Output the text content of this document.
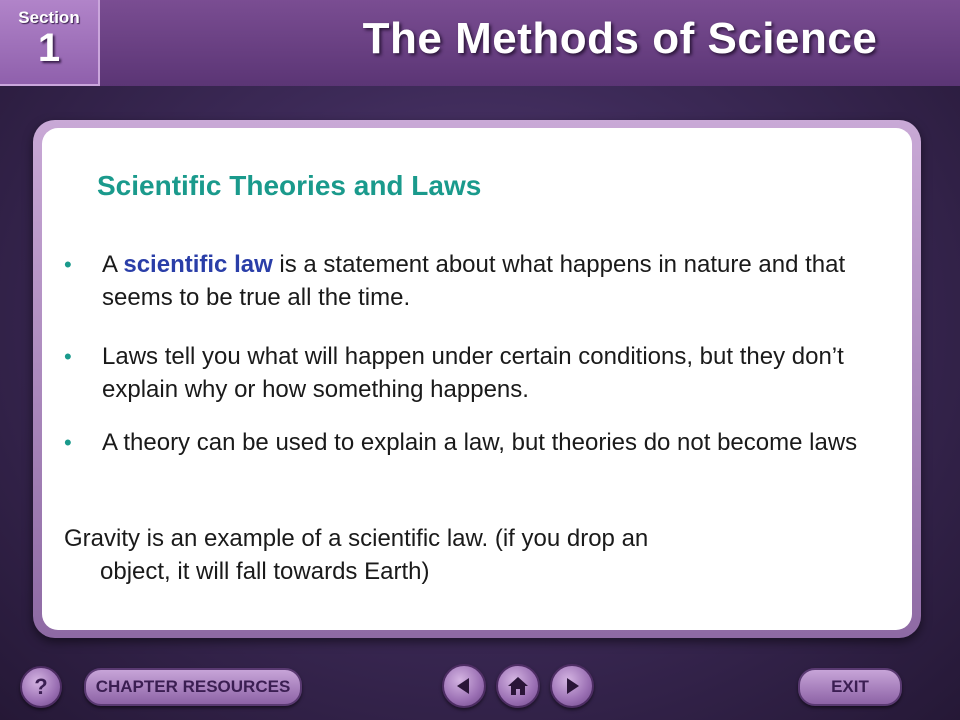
The Methods of Science
Section
1
Scientific Theories and Laws
• A scientific law is a statement about what happens in nature and that seems to be true all the time.
• Laws tell you what will happen under certain conditions, but they don’t explain why or how something happens.
• A theory can be used to explain a law, but theories do not become laws
Gravity is an example of a scientific law. (if you drop an
object, it will fall towards Earth)
?	CHAPTER RESOURCES	EXIT
